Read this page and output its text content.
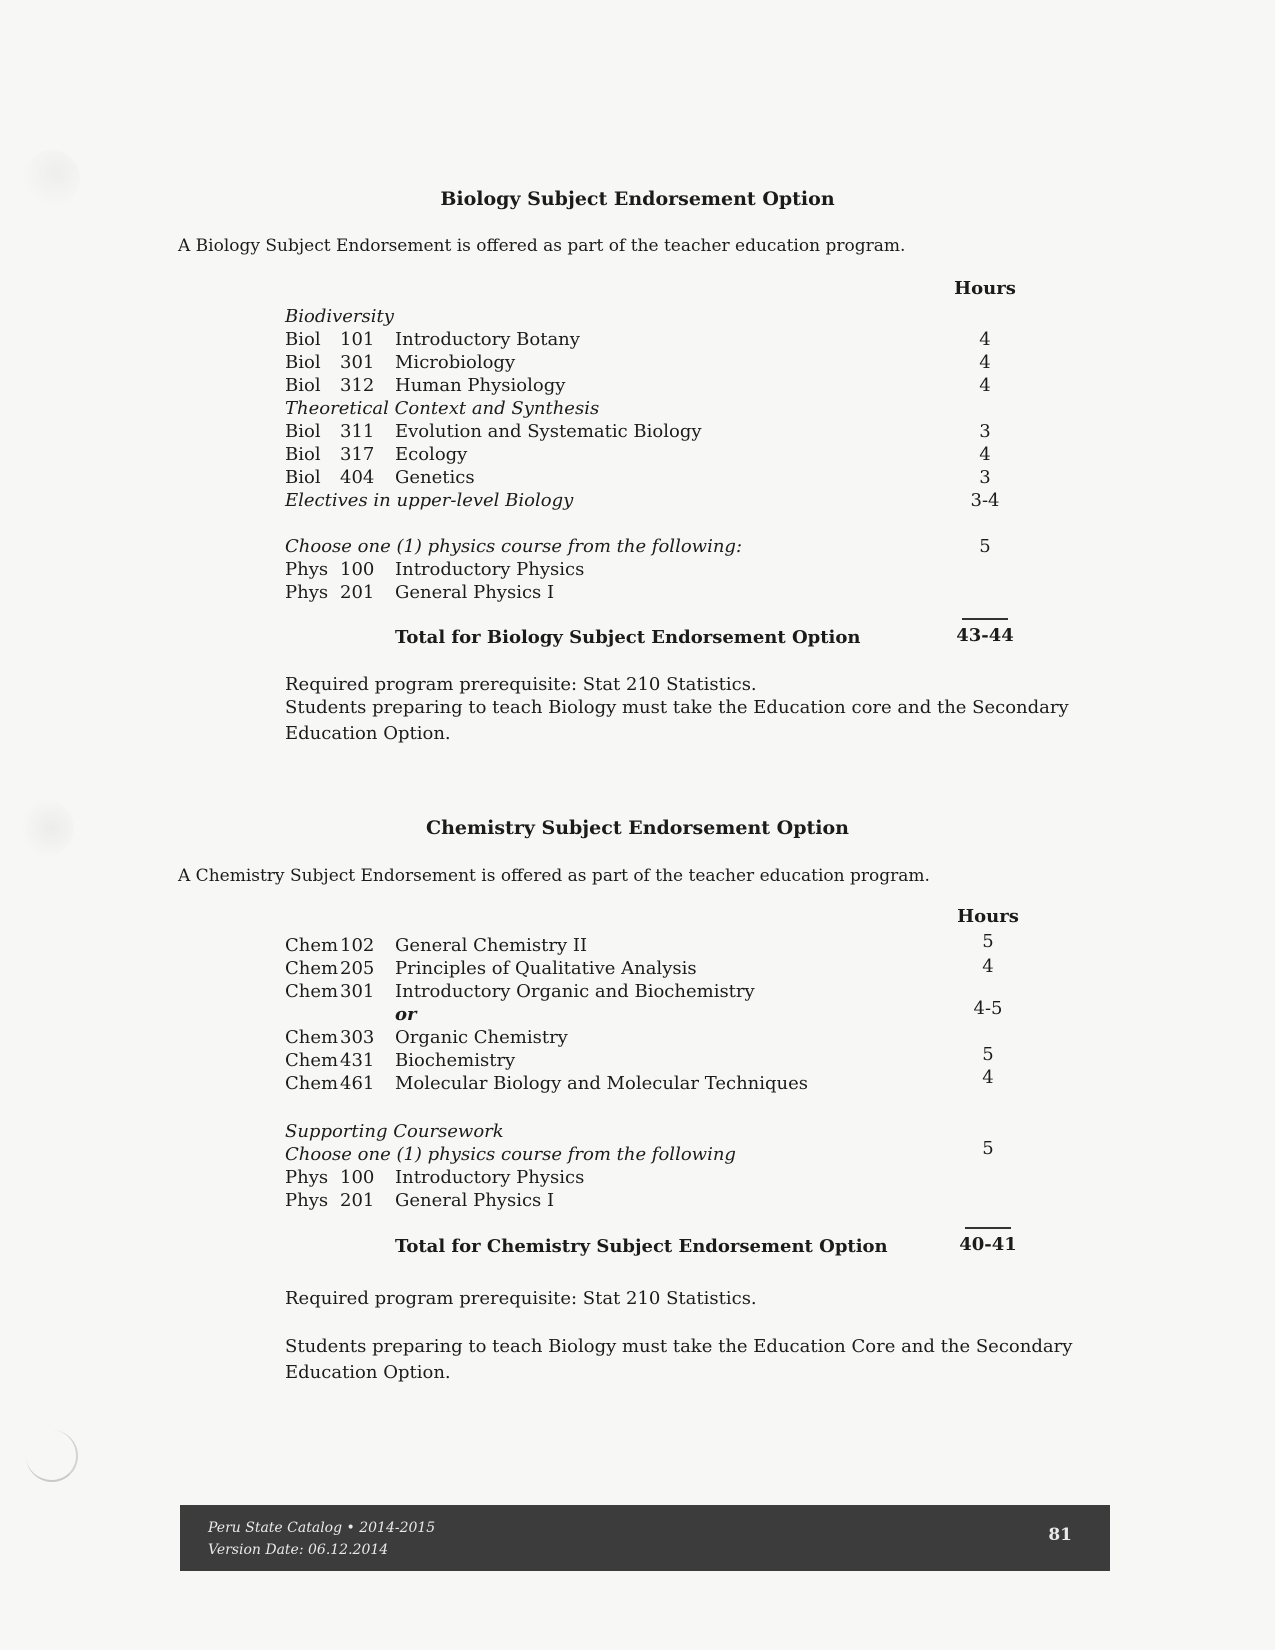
Biology Subject Endorsement Option
A Biology Subject Endorsement is offered as part of the teacher education program.
Hours
Biodiversity
Biol 101 Introductory Botany	4
Biol 301 Microbiology	4
Biol 312 Human Physiology	4
Theoretical Context and Synthesis
Biol 311 Evolution and Systematic Biology	3
Biol 317 Ecology	4
Biol 404 Genetics	3
Electives in upper-level Biology	3-4
Choose one (1) physics course from the following:	5
Phys 100 Introductory Physics
Phys 201 General Physics I
Total for Biology Subject Endorsement Option	43-44
Required program prerequisite: Stat 210 Statistics.
Students preparing to teach Biology must take the Education core and the Secondary Education Option.
Chemistry Subject Endorsement Option
A Chemistry Subject Endorsement is offered as part of the teacher education program.
Hours
Chem 102 General Chemistry II	5
Chem 205 Principles of Qualitative Analysis	4
Chem 301 Introductory Organic and Biochemistry
or	4-5
Chem 303 Organic Chemistry
Chem 431 Biochemistry	5
Chem 461 Molecular Biology and Molecular Techniques	4
Supporting Coursework
Choose one (1) physics course from the following	5
Phys 100 Introductory Physics
Phys 201 General Physics I
Total for Chemistry Subject Endorsement Option	40-41
Required program prerequisite: Stat 210 Statistics.
Students preparing to teach Biology must take the Education Core and the Secondary Education Option.
Peru State Catalog • 2014-2015
Version Date: 06.12.2014
81
